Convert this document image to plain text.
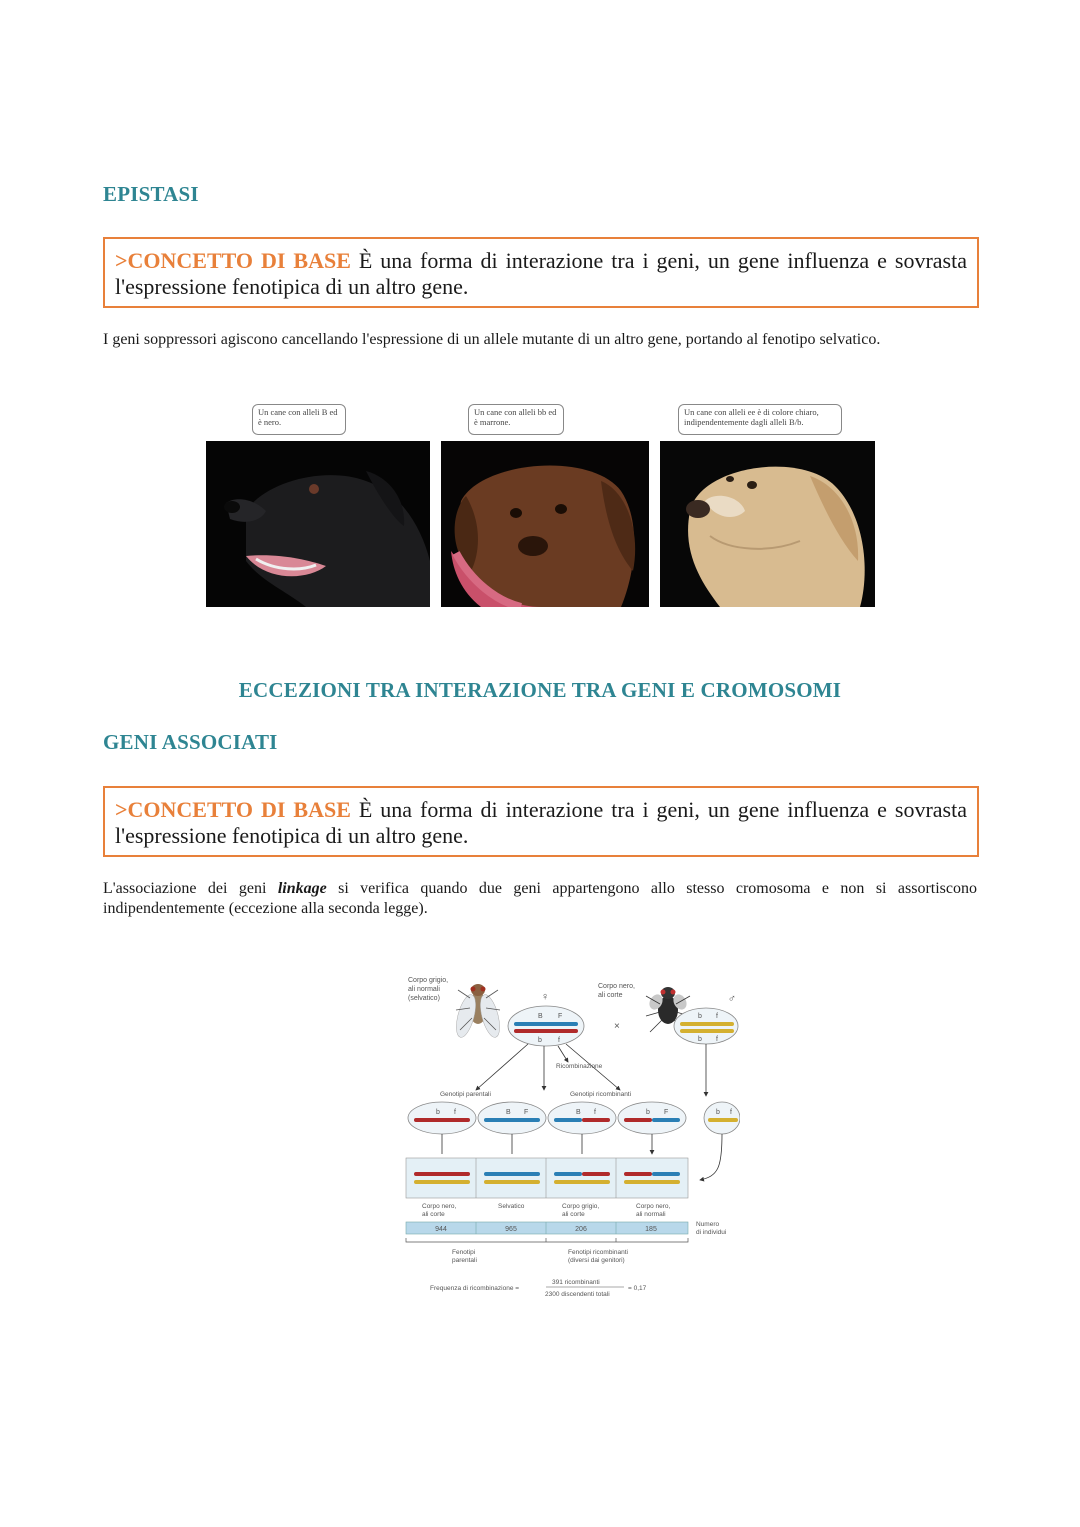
EPISTASI
>CONCETTO DI BASE È una forma di interazione tra i geni, un gene influenza e sovrasta l'espressione fenotipica di un altro gene.

I geni soppressori agiscono cancellando l'espressione di un allele mutante di un altro gene, portando al fenotipo selvatico.

Un cane con alleli B ed è nero.
Un cane con alleli bb ed è marrone.
Un cane con alleli ee è di colore chiaro, indipendentemente dagli alleli B/b.
ECCEZIONI TRA INTERAZIONE TRA GENI E CROMOSOMI
GENI ASSOCIATI
>CONCETTO DI BASE È una forma di interazione tra i geni, un gene influenza e sovrasta l'espressione fenotipica di un altro gene.

L'associazione dei geni linkage si verifica quando due geni appartengono allo stesso cromosoma e non si assortiscono indipendentemente (eccezione alla seconda legge).

Corpo grigio,
ali normali
(selvatico)
Corpo nero,
ali corte
♀	♂
×
B F
b f
Ricombinazione
Genotipi parentali	Genotipi ricombinanti
b f	B F	B f	b F	b f
Corpo nero,
ali corte
Selvatico	Corpo grigio,
ali corte
Corpo nero,
ali normali
944	965	206	185
Numero
di individui
Fenotipi
parentali
Fenotipi ricombinanti
(diversi dai genitori)
Frequenza di ricombinazione =
391 ricombinanti
2300 discendenti totali
= 0,17
b f
b f
